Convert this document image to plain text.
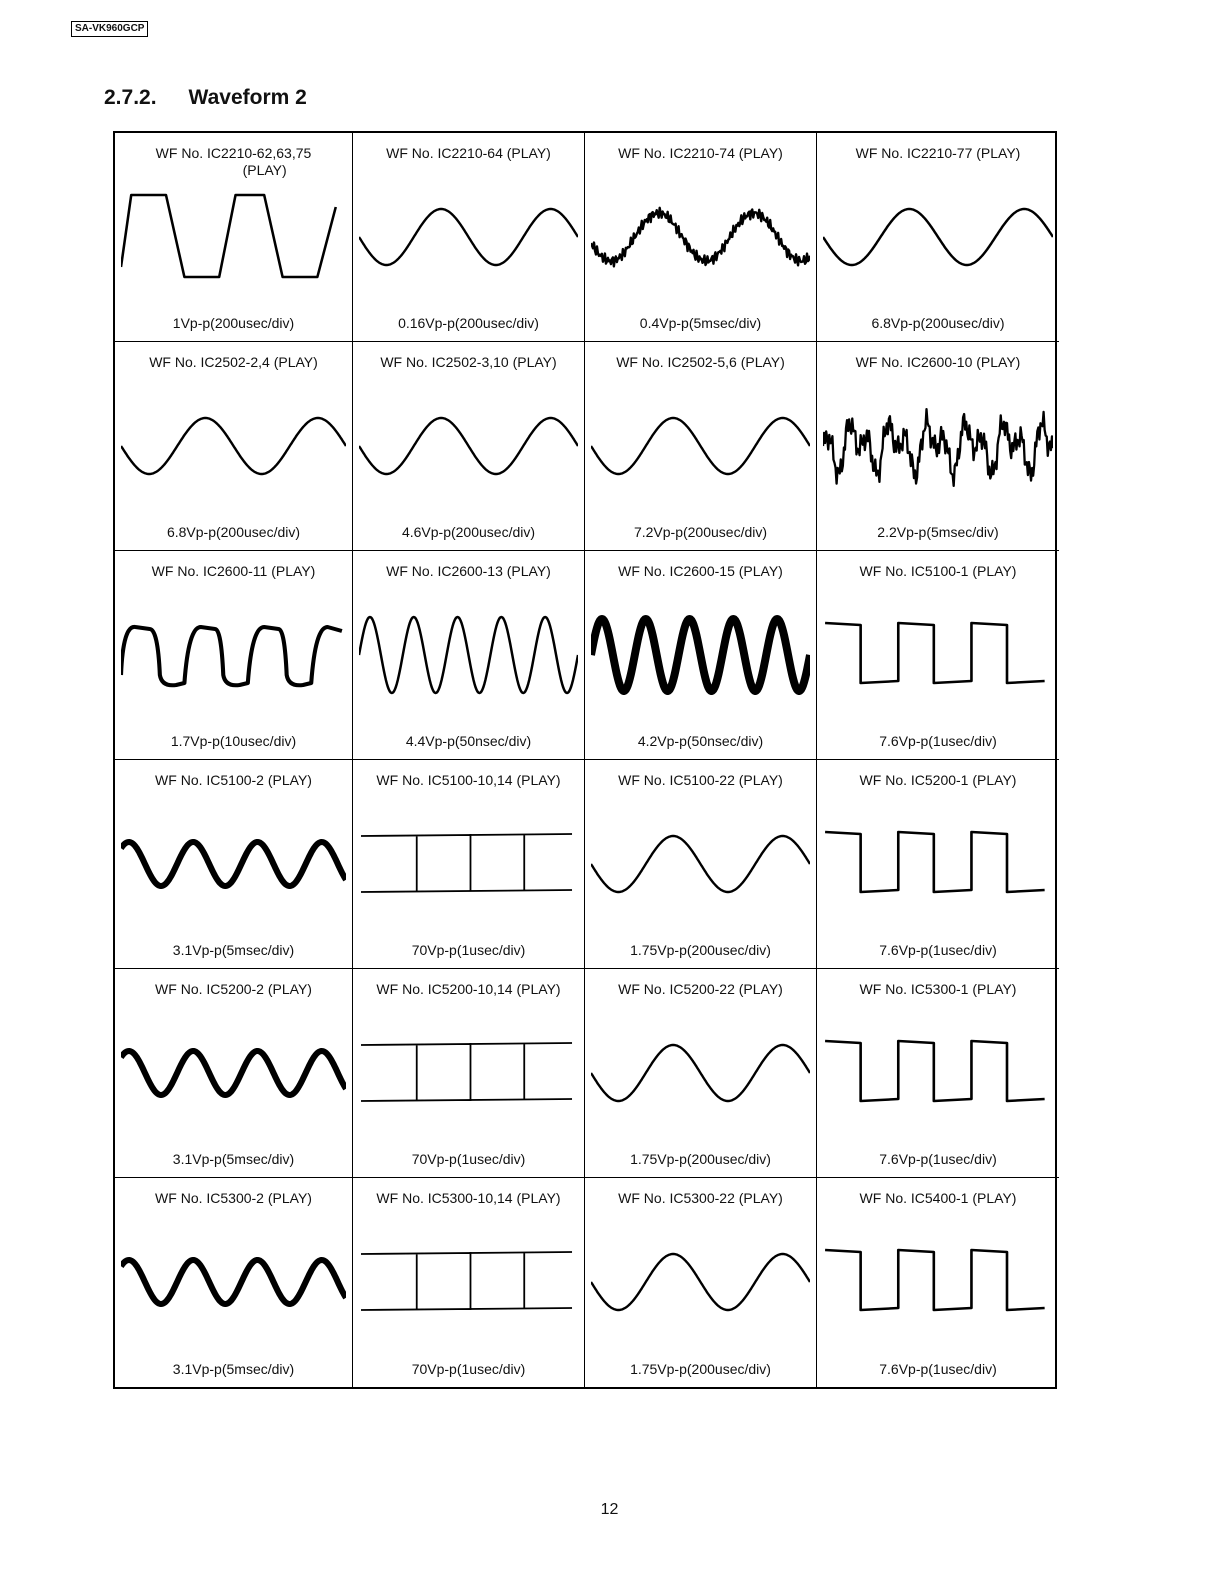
SA-VK960GCP
2.7.2. Waveform 2
WF No. IC2210-62,63,75
(PLAY)
1Vp-p(200usec/div)
WF No. IC2210-64 (PLAY)
0.16Vp-p(200usec/div)
WF No. IC2210-74 (PLAY)
0.4Vp-p(5msec/div)
WF No. IC2210-77 (PLAY)
6.8Vp-p(200usec/div)
WF No. IC2502-2,4 (PLAY)
6.8Vp-p(200usec/div)
WF No. IC2502-3,10 (PLAY)
4.6Vp-p(200usec/div)
WF No. IC2502-5,6 (PLAY)
7.2Vp-p(200usec/div)
WF No. IC2600-10 (PLAY)
2.2Vp-p(5msec/div)
WF No. IC2600-11 (PLAY)
1.7Vp-p(10usec/div)
WF No. IC2600-13 (PLAY)
4.4Vp-p(50nsec/div)
WF No. IC2600-15 (PLAY)
4.2Vp-p(50nsec/div)
WF No. IC5100-1 (PLAY)
7.6Vp-p(1usec/div)
WF No. IC5100-2 (PLAY)
3.1Vp-p(5msec/div)
WF No. IC5100-10,14 (PLAY)
70Vp-p(1usec/div)
WF No. IC5100-22 (PLAY)
1.75Vp-p(200usec/div)
WF No. IC5200-1 (PLAY)
7.6Vp-p(1usec/div)
WF No. IC5200-2 (PLAY)
3.1Vp-p(5msec/div)
WF No. IC5200-10,14 (PLAY)
70Vp-p(1usec/div)
WF No. IC5200-22 (PLAY)
1.75Vp-p(200usec/div)
WF No. IC5300-1 (PLAY)
7.6Vp-p(1usec/div)
WF No. IC5300-2 (PLAY)
3.1Vp-p(5msec/div)
WF No. IC5300-10,14 (PLAY)
70Vp-p(1usec/div)
WF No. IC5300-22 (PLAY)
1.75Vp-p(200usec/div)
WF No. IC5400-1 (PLAY)
7.6Vp-p(1usec/div)
12
